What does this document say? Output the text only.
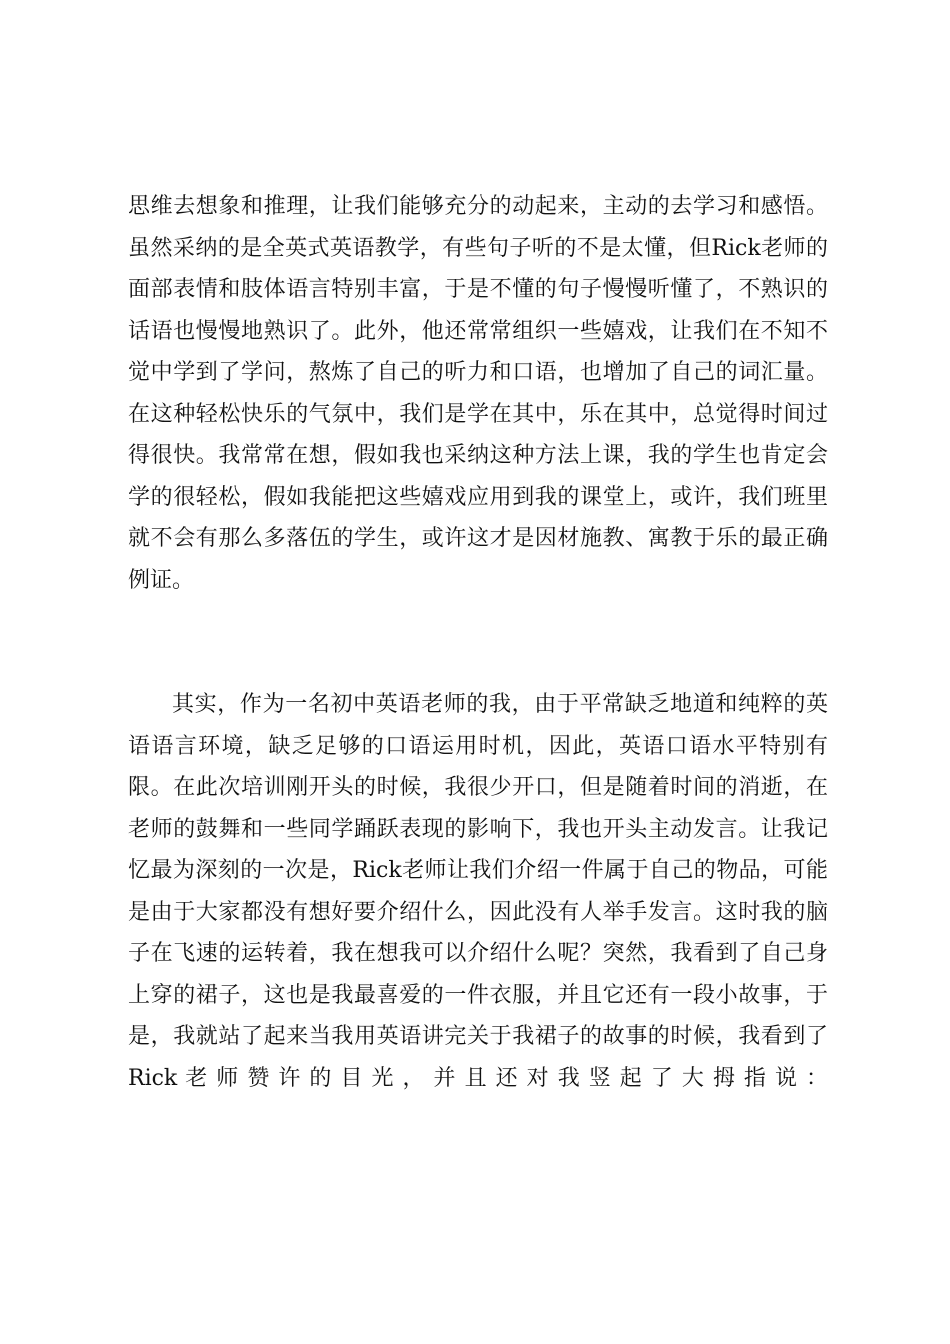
思维去想象和推理，让我们能够充分的动起来，主动的去学习和感悟。
虽然采纳的是全英式英语教学，有些句子听的不是太懂，但Rick老师的
面部表情和肢体语言特别丰富，于是不懂的句子慢慢听懂了，不熟识的
话语也慢慢地熟识了。此外，他还常常组织一些嬉戏，让我们在不知不
觉中学到了学问，熬炼了自己的听力和口语，也增加了自己的词汇量。
在这种轻松快乐的气氛中，我们是学在其中，乐在其中，总觉得时间过
得很快。我常常在想，假如我也采纳这种方法上课，我的学生也肯定会
学的很轻松，假如我能把这些嬉戏应用到我的课堂上，或许，我们班里
就不会有那么多落伍的学生，或许这才是因材施教、寓教于乐的最正确
例证。
其实，作为一名初中英语老师的我，由于平常缺乏地道和纯粹的英
语语言环境，缺乏足够的口语运用时机，因此，英语口语水平特别有
限。在此次培训刚开头的时候，我很少开口，但是随着时间的消逝，在
老师的鼓舞和一些同学踊跃表现的影响下，我也开头主动发言。让我记
忆最为深刻的一次是，Rick老师让我们介绍一件属于自己的物品，可能
是由于大家都没有想好要介绍什么，因此没有人举手发言。这时我的脑
子在飞速的运转着，我在想我可以介绍什么呢？突然，我看到了自己身
上穿的裙子，这也是我最喜爱的一件衣服，并且它还有一段小故事，于
是，我就站了起来当我用英语讲完关于我裙子的故事的时候，我看到了
Rick 老 师 赞 许 的 目 光 ， 并 且 还 对 我 竖 起 了 大 拇 指 说 ：
